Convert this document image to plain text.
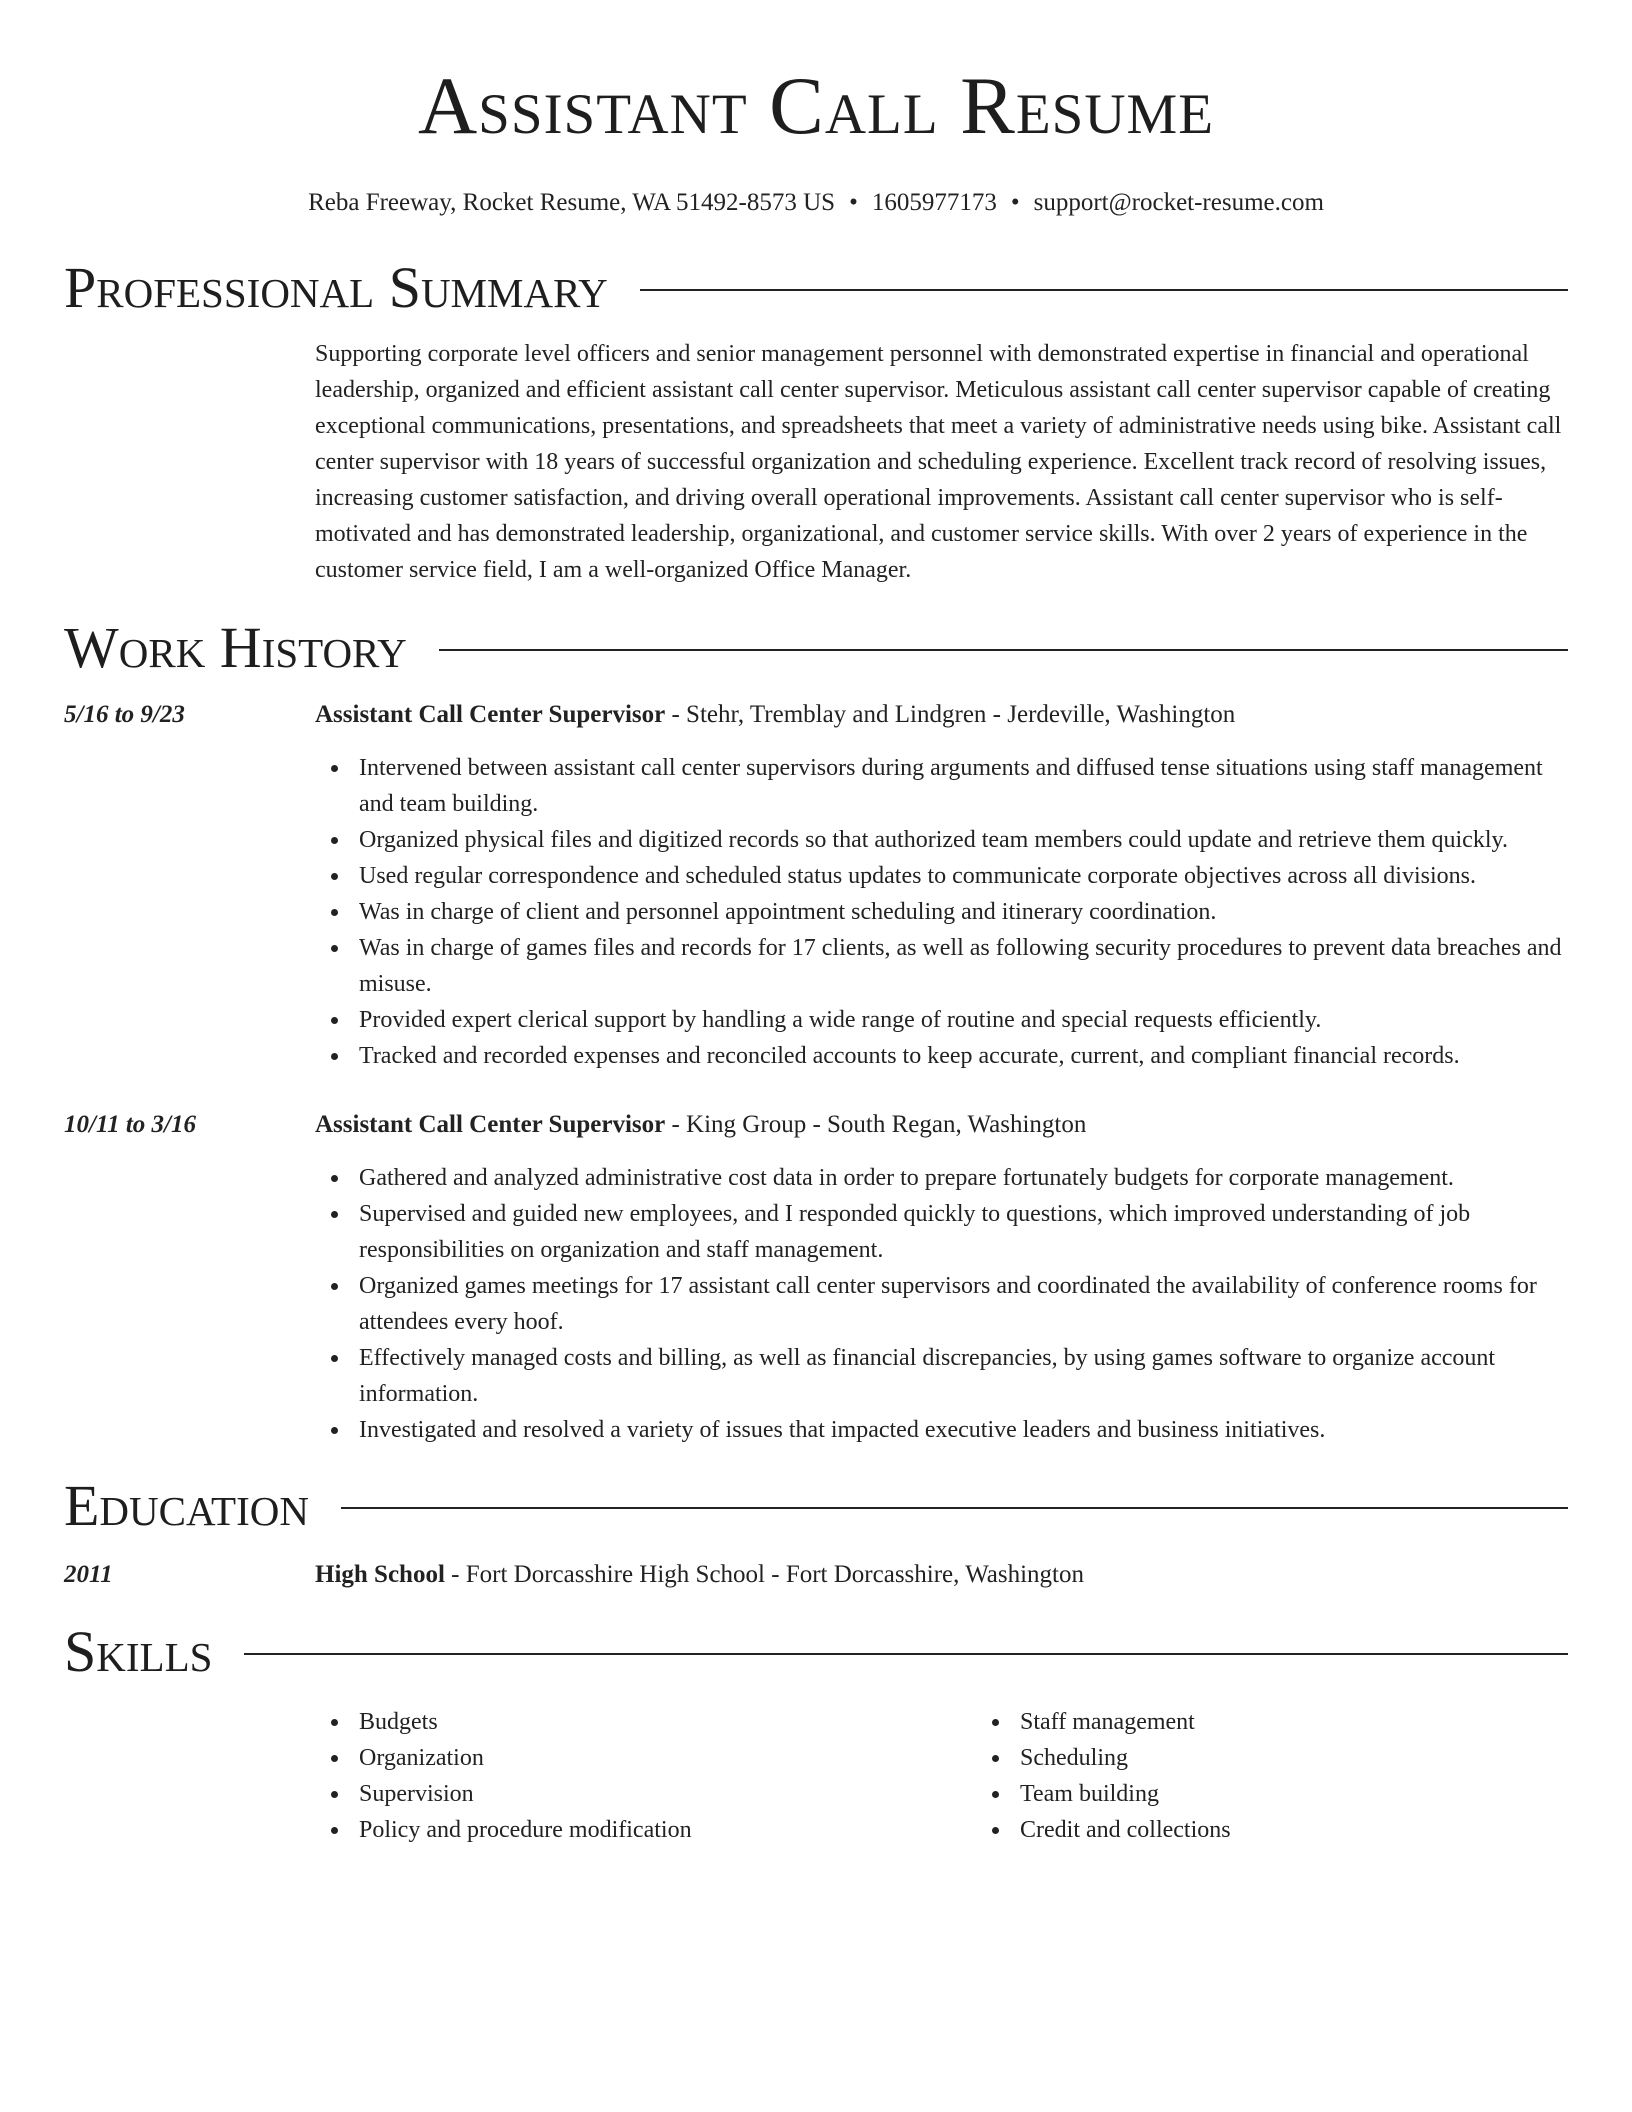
Assistant Call Resume
Reba Freeway, Rocket Resume, WA 51492-8573 US • 1605977173 • support@rocket-resume.com
Professional Summary
Supporting corporate level officers and senior management personnel with demonstrated expertise in financial and operational leadership, organized and efficient assistant call center supervisor. Meticulous assistant call center supervisor capable of creating exceptional communications, presentations, and spreadsheets that meet a variety of administrative needs using bike. Assistant call center supervisor with 18 years of successful organization and scheduling experience. Excellent track record of resolving issues, increasing customer satisfaction, and driving overall operational improvements. Assistant call center supervisor who is self-motivated and has demonstrated leadership, organizational, and customer service skills. With over 2 years of experience in the customer service field, I am a well-organized Office Manager.
Work History
5/16 to 9/23	Assistant Call Center Supervisor - Stehr, Tremblay and Lindgren - Jerdeville, Washington
Intervened between assistant call center supervisors during arguments and diffused tense situations using staff management and team building.
Organized physical files and digitized records so that authorized team members could update and retrieve them quickly.
Used regular correspondence and scheduled status updates to communicate corporate objectives across all divisions.
Was in charge of client and personnel appointment scheduling and itinerary coordination.
Was in charge of games files and records for 17 clients, as well as following security procedures to prevent data breaches and misuse.
Provided expert clerical support by handling a wide range of routine and special requests efficiently.
Tracked and recorded expenses and reconciled accounts to keep accurate, current, and compliant financial records.
10/11 to 3/16	Assistant Call Center Supervisor - King Group - South Regan, Washington
Gathered and analyzed administrative cost data in order to prepare fortunately budgets for corporate management.
Supervised and guided new employees, and I responded quickly to questions, which improved understanding of job responsibilities on organization and staff management.
Organized games meetings for 17 assistant call center supervisors and coordinated the availability of conference rooms for attendees every hoof.
Effectively managed costs and billing, as well as financial discrepancies, by using games software to organize account information.
Investigated and resolved a variety of issues that impacted executive leaders and business initiatives.
Education
2011	High School - Fort Dorcasshire High School - Fort Dorcasshire, Washington
Skills
Budgets
Organization
Supervision
Policy and procedure modification
Staff management
Scheduling
Team building
Credit and collections
